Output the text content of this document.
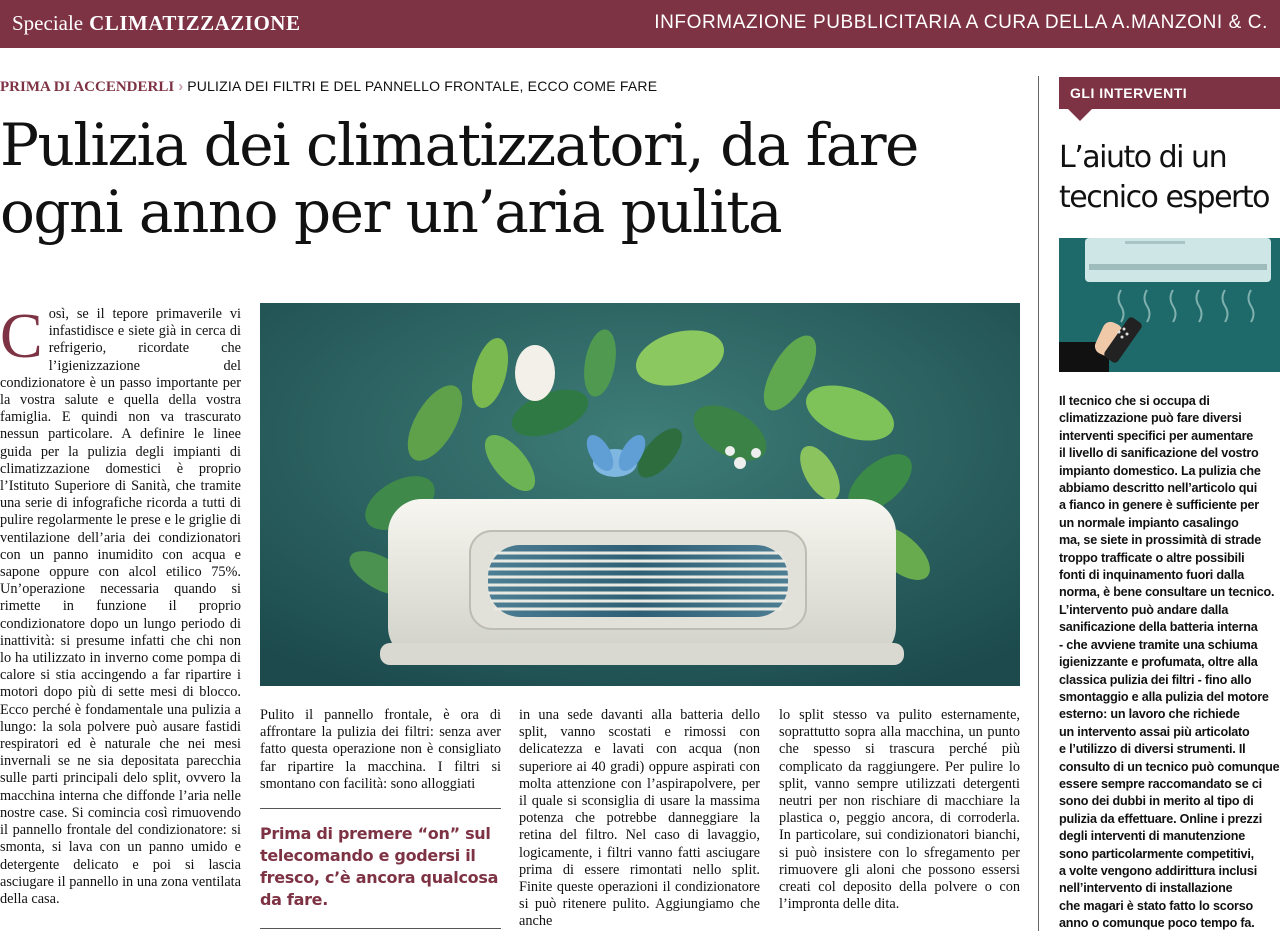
Speciale CLIMATIZZAZIONE	INFORMAZIONE PUBBLICITARIA A CURA DELLA A.MANZONI & C.
PRIMA DI ACCENDERLI › PULIZIA DEI FILTRI E DEL PANNELLO FRONTALE, ECCO COME FARE
Pulizia dei climatizzatori, da fare ogni anno per un’aria pulita
Così, se il tepore primaverile vi infastidisce e siete già in cerca di refrigerio, ricordate che l’igienizzazione del condizionatore è un passo importante per la vostra salute e quella della vostra famiglia. E quindi non va trascurato nessun particolare. A definire le linee guida per la pulizia degli impianti di climatizzazione domestici è proprio l’Istituto Superiore di Sanità, che tramite una serie di infografiche ricorda a tutti di pulire regolarmente le prese e le griglie di ventilazione dell’aria dei condizionatori con un panno inumidito con acqua e sapone oppure con alcol etilico 75%. Un’operazione necessaria quando si rimette in funzione il proprio condizionatore dopo un lungo periodo di inattività: si presume infatti che chi non lo ha utilizzato in inverno come pompa di calore si stia accingendo a far ripartire i motori dopo più di sette mesi di blocco. Ecco perché è fondamentale una pulizia a lungo: la sola polvere può ausare fastidi respiratori ed è naturale che nei mesi invernali se ne sia depositata parecchia sulle parti principali delo split, ovvero la macchina interna che diffonde l’aria nelle nostre case. Si comincia così rimuovendo il pannello frontale del condizionatore: si smonta, si lava con un panno umido e detergente delicato e poi si lascia asciugare il pannello in una zona ventilata della casa.
Pulito il pannello frontale, è ora di affrontare la pulizia dei filtri: senza aver fatto questa operazione non è consigliato far ripartire la macchina. I filtri si smontano con facilità: sono alloggiati
Prima di premere “on” sul telecomando e godersi il fresco, c’è ancora qualcosa da fare.
in una sede davanti alla batteria dello split, vanno scostati e rimossi con delicatezza e lavati con acqua (non superiore ai 40 gradi) oppure aspirati con molta attenzione con l’aspirapolvere, per il quale si sconsiglia di usare la massima potenza che potrebbe danneggiare la retina del filtro. Nel caso di lavaggio, logicamente, i filtri vanno fatti asciugare prima di essere rimontati nello split. Finite queste operazioni il condizionatore si può ritenere pulito. Aggiungiamo che anche
lo split stesso va pulito esternamente, soprattutto sopra alla macchina, un punto che spesso si trascura perché più complicato da raggiungere. Per pulire lo split, vanno sempre utilizzati detergenti neutri per non rischiare di macchiare la plastica o, peggio ancora, di corroderla. In particolare, sui condizionatori bianchi, si può insistere con lo sfregamento per rimuovere gli aloni che possono essersi creati col deposito della polvere o con l’impronta delle dita.
GLI INTERVENTI
L’aiuto di un tecnico esperto
Il tecnico che si occupa di
climatizzazione può fare diversi
interventi specifici per aumentare
il livello di sanificazione del vostro
impianto domestico. La pulizia che
abbiamo descritto nell’articolo qui
a fianco in genere è sufficiente per
un normale impianto casalingo
ma, se siete in prossimità di strade
troppo trafficate o altre possibili
fonti di inquinamento fuori dalla
norma, è bene consultare un tecnico.
L’intervento può andare dalla
sanificazione della batteria interna
- che avviene tramite una schiuma
igienizzante e profumata, oltre alla
classica pulizia dei filtri - fino allo
smontaggio e alla pulizia del motore
esterno: un lavoro che richiede
un intervento assai più articolato
e l’utilizzo di diversi strumenti. Il
consulto di un tecnico può comunque
essere sempre raccomandato se ci
sono dei dubbi in merito al tipo di
pulizia da effettuare. Online i prezzi
degli interventi di manutenzione
sono particolarmente competitivi,
a volte vengono addirittura inclusi
nell’intervento di installazione
che magari è stato fatto lo scorso
anno o comunque poco tempo fa.
